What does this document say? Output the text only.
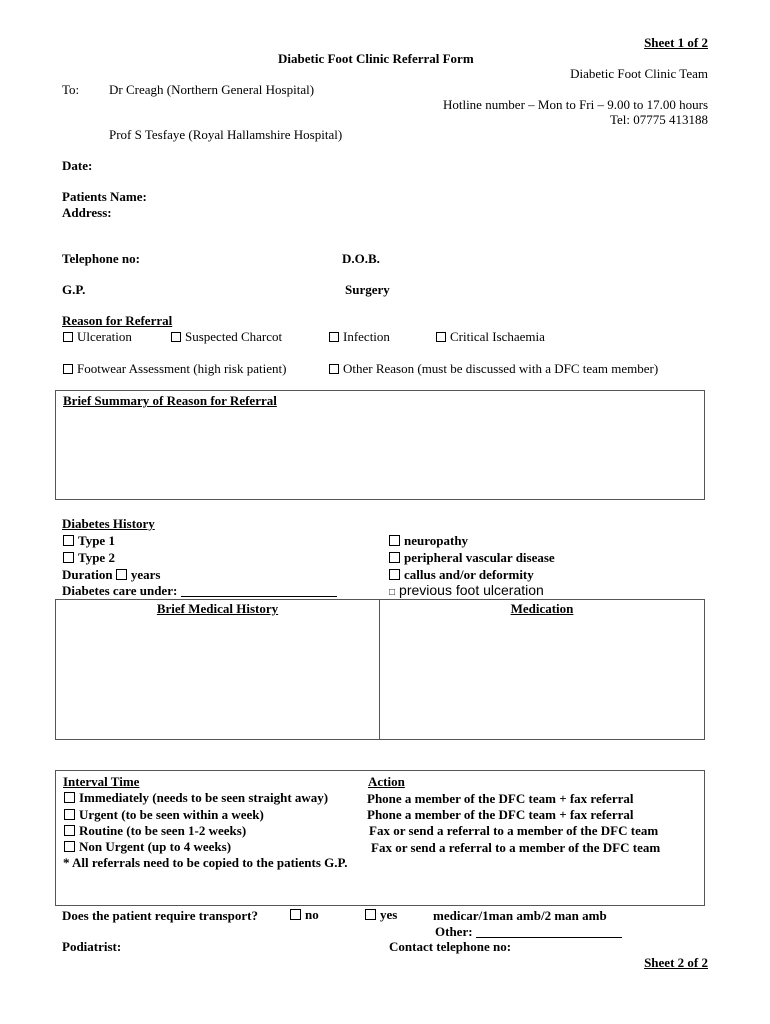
Sheet 1 of 2
Diabetic Foot Clinic Referral Form
Diabetic Foot Clinic Team
To: Dr Creagh (Northern General Hospital)
Hotline number – Mon to Fri – 9.00 to 17.00 hours
Tel: 07775 413188
Prof S Tesfaye (Royal Hallamshire Hospital)
Date:
Patients Name:
Address:
Telephone no:	D.O.B.
G.P.	Surgery
Reason for Referral
Ulceration	Suspected Charcot	Infection	Critical Ischaemia
Footwear Assessment (high risk patient)	Other Reason (must be discussed with a DFC team member)
Brief Summary of Reason for Referral
Diabetes History
Type 1
Type 2
Duration years
Diabetes care under:
neuropathy
peripheral vascular disease
callus and/or deformity
□ previous foot ulceration
Brief Medical History	Medication
Interval Time	Action
Immediately (needs to be seen straight away)	Phone a member of the DFC team + fax referral
Urgent (to be seen within a week)	Phone a member of the DFC team + fax referral
Routine (to be seen 1-2 weeks)	Fax or send a referral to a member of the DFC team
Non Urgent (up to 4 weeks)	Fax or send a referral to a member of the DFC team
* All referrals need to be copied to the patients G.P.
Does the patient require transport?	no	yes	medicar/1man amb/2 man amb
Other:
Podiatrist:	Contact telephone no:
Sheet 2 of 2
